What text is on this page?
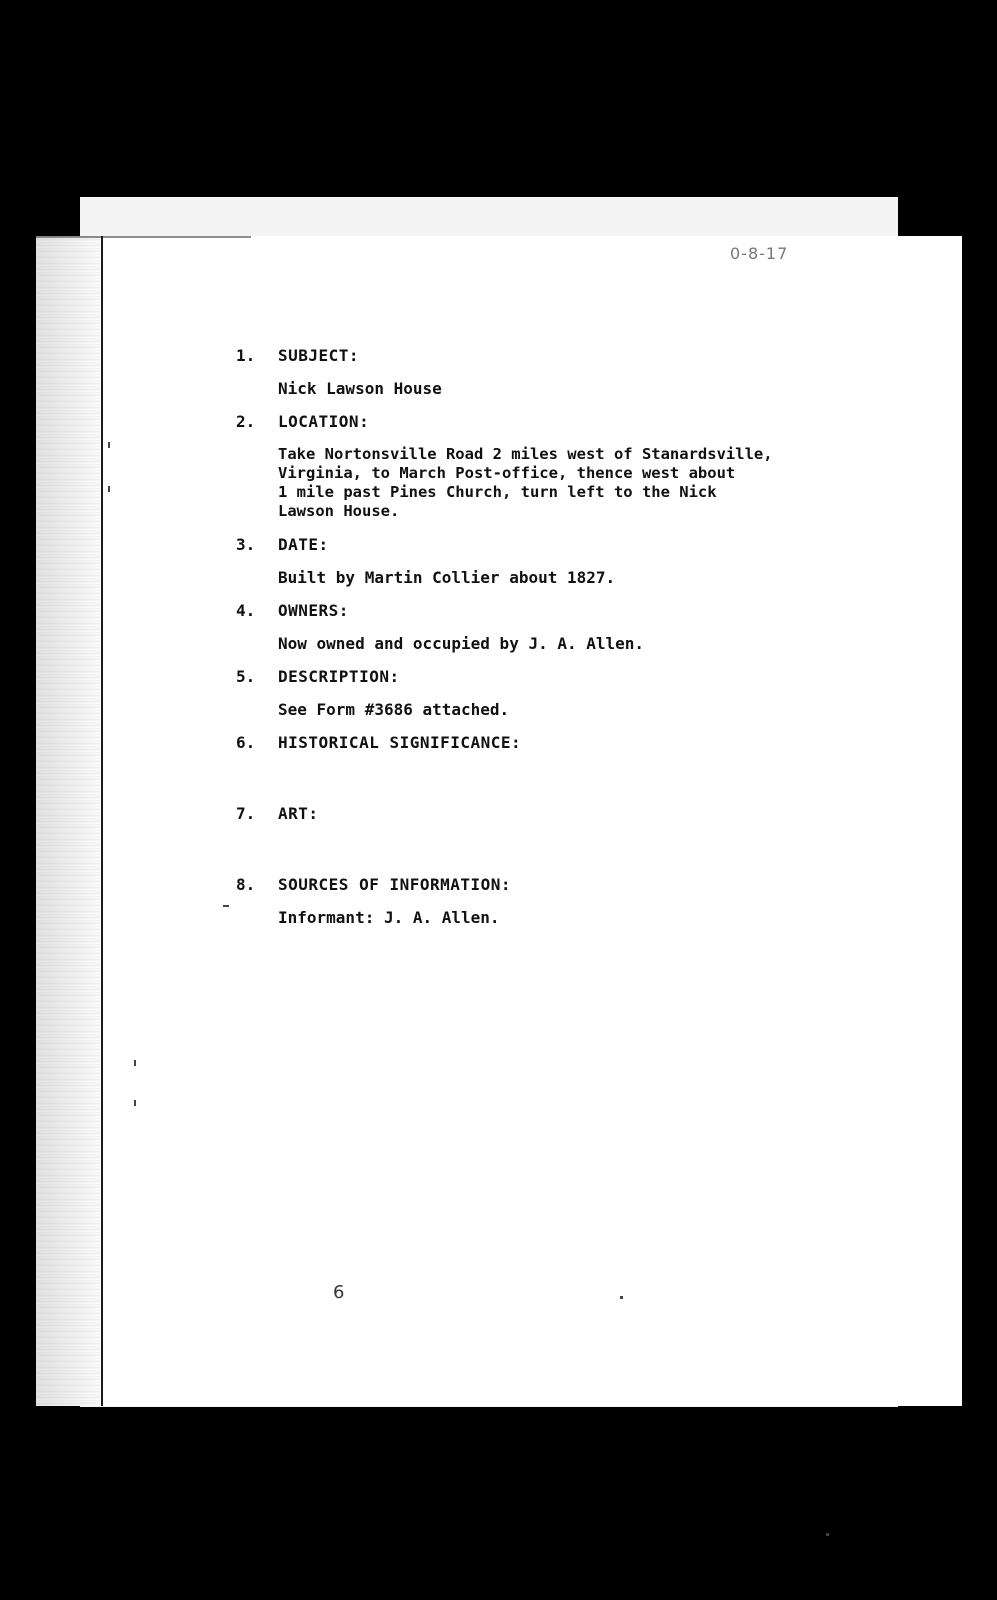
0-8-17
1.	SUBJECT:
Nick Lawson House
2.	LOCATION:
Take Nortonsville Road 2 miles west of Stanardsville,
Virginia, to March Post-office, thence west about
1 mile past Pines Church, turn left to the Nick
Lawson House.
3.	DATE:
Built by Martin Collier about 1827.
4.	OWNERS:
Now owned and occupied by J. A. Allen.
5.	DESCRIPTION:
See Form #3686 attached.
6.	HISTORICAL SIGNIFICANCE:
7.	ART:
8.	SOURCES OF INFORMATION:
Informant: J. A. Allen.
6
